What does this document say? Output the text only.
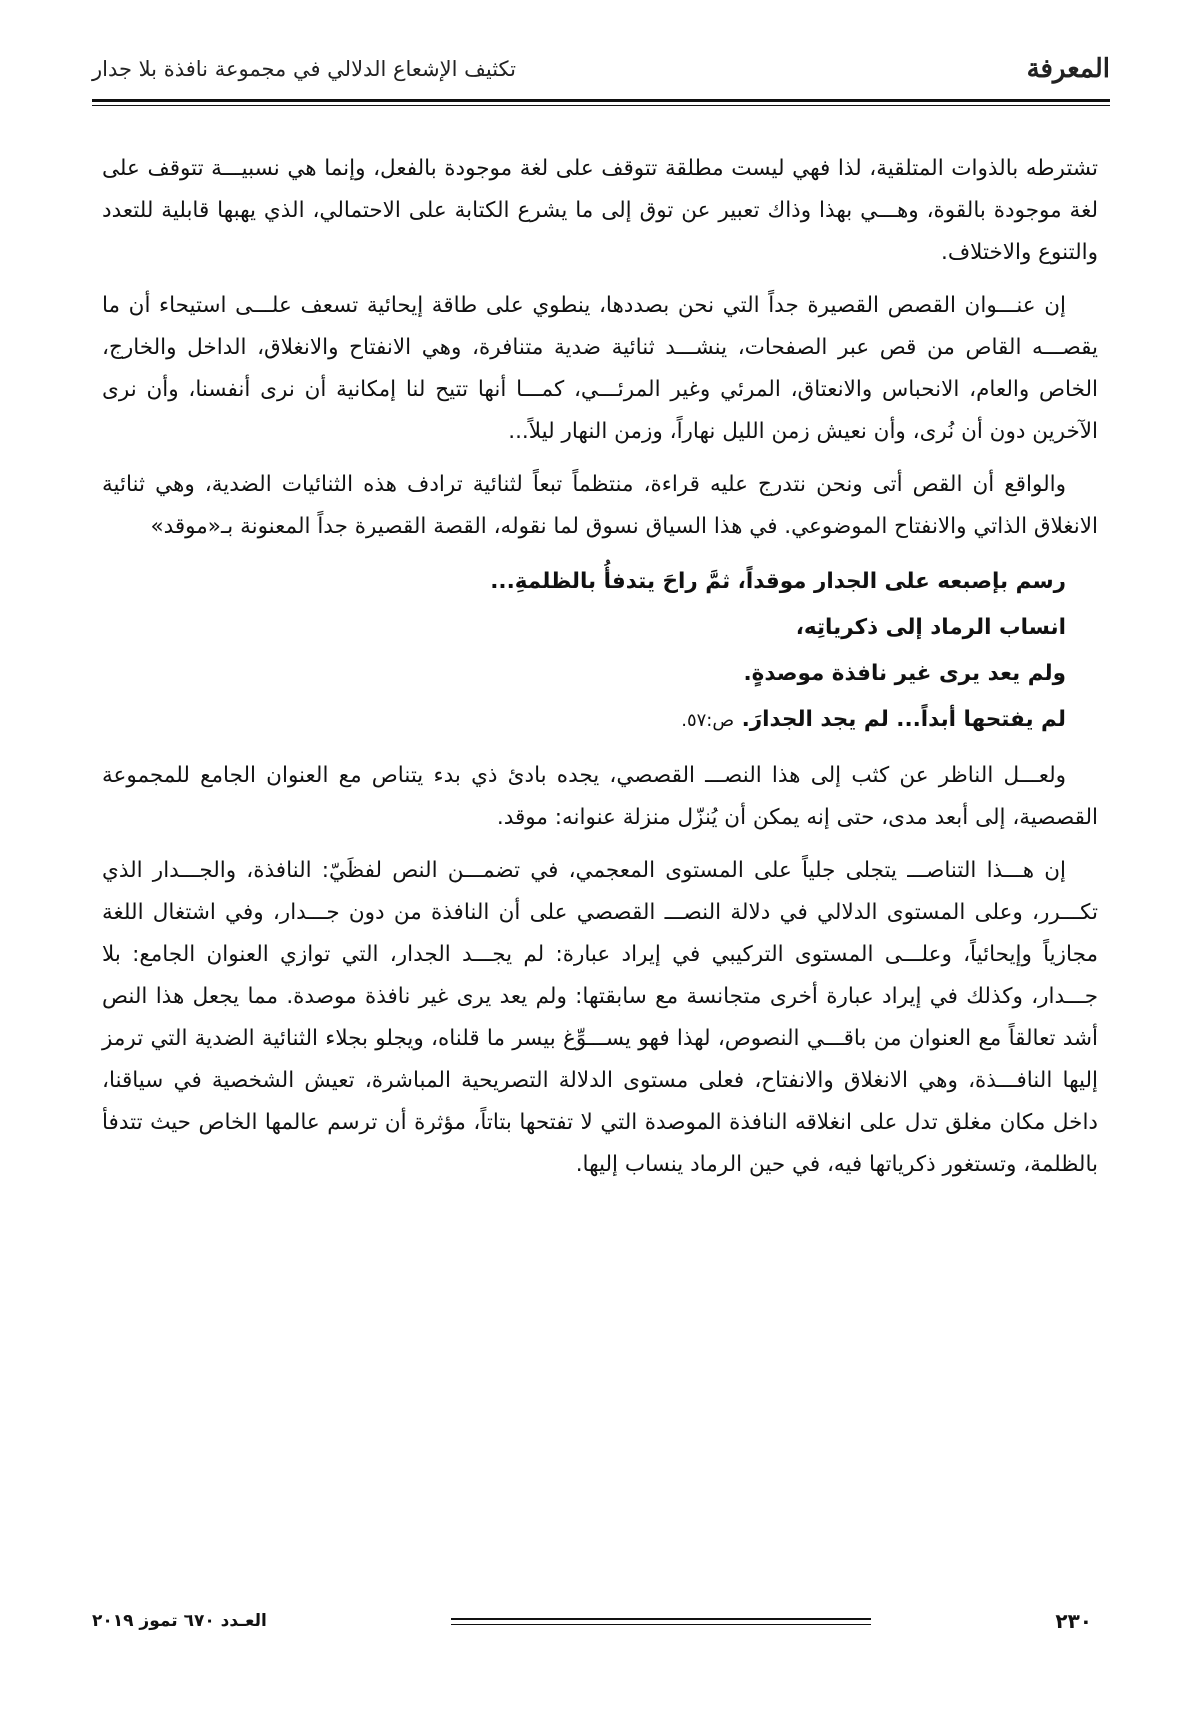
المعرفة
تكثيف الإشعاع الدلالي في مجموعة نافذة بلا جدار

تشترطه بالذوات المتلقية، لذا فهي ليست مطلقة تتوقف على لغة موجودة بالفعل، وإنما هي نسبيـــة تتوقف على لغة موجودة بالقوة، وهـــي بهذا وذاك تعبير عن توق إلى ما يشرع الكتابة على الاحتمالي، الذي يهبها قابلية للتعدد والتنوع والاختلاف.

إن عنـــوان القصص القصيرة جداً التي نحن بصددها، ينطوي على طاقة إيحائية تسعف علـــى استيحاء أن ما يقصـــه القاص من قص عبر الصفحات، ينشـــد ثنائية ضدية متنافرة، وهي الانفتاح والانغلاق، الداخل والخارج، الخاص والعام، الانحباس والانعتاق، المرئي وغير المرئـــي، كمـــا أنها تتيح لنا إمكانية أن نرى أنفسنا، وأن نرى الآخرين دون أن نُرى، وأن نعيش زمن الليل نهاراً، وزمن النهار ليلاً...

والواقع أن القص أتى ونحن نتدرج عليه قراءة، منتظماً تبعاً لثنائية ترادف هذه الثنائيات الضدية، وهي ثنائية الانغلاق الذاتي والانفتاح الموضوعي. في هذا السياق نسوق لما نقوله، القصة القصيرة جداً المعنونة بـ«موقد»

رسم بإصبعه على الجدار موقداً، ثمَّ راحَ يتدفأُ بالظلمةِ...
انساب الرماد إلى ذكرياتِه،
ولم يعد يرى غير نافذة موصدةٍ.
لم يفتحها أبداً... لم يجد الجدارَ. ص:٥٧.

ولعـــل الناظر عن كثب إلى هذا النصـــ القصصي، يجده بادئ ذي بدء يتناص مع العنوان الجامع للمجموعة القصصية، إلى أبعد مدى، حتى إنه يمكن أن يُنزّل منزلة عنوانه: موقد.

إن هـــذا التناصـــ يتجلى جلياً على المستوى المعجمي، في تضمـــن النص لفظَيّ: النافذة، والجـــدار الذي تكـــرر، وعلى المستوى الدلالي في دلالة النصـــ القصصي على أن النافذة من دون جـــدار، وفي اشتغال اللغة مجازياً وإيحائياً، وعلـــى المستوى التركيبي في إيراد عبارة: لم يجـــد الجدار، التي توازي العنوان الجامع: بلا جـــدار، وكذلك في إيراد عبارة أخرى متجانسة مع سابقتها: ولم يعد يرى غير نافذة موصدة. مما يجعل هذا النص أشد تعالقاً مع العنوان من باقـــي النصوص، لهذا فهو يســـوِّغ بيسر ما قلناه، ويجلو بجلاء الثنائية الضدية التي ترمز إليها النافـــذة، وهي الانغلاق والانفتاح، فعلى مستوى الدلالة التصريحية المباشرة، تعيش الشخصية في سياقنا، داخل مكان مغلق تدل على انغلاقه النافذة الموصدة التي لا تفتحها بتاتاً، مؤثرة أن ترسم عالمها الخاص حيث تتدفأ بالظلمة، وتستغور ذكرياتها فيه، في حين الرماد ينساب إليها.

٢٣٠
العـدد ٦٧٠ تموز ٢٠١٩
